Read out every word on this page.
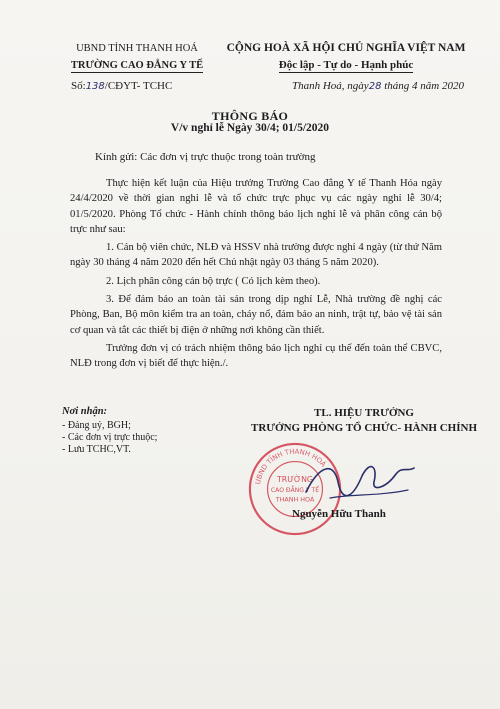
UBND TỈNH THANH HOÁ
TRƯỜNG CAO ĐẲNG Y TẾ
CỘNG HOÀ XÃ HỘI CHỦ NGHĨA VIỆT NAM
Độc lập - Tự do - Hạnh phúc
Số:138/CĐYT- TCHC	Thanh Hoá, ngày28 tháng 4 năm 2020
THÔNG BÁO
V/v nghỉ lễ Ngày 30/4; 01/5/2020
Kính gửi: Các đơn vị trực thuộc trong toàn trường

Thực hiện kết luận của Hiệu trưởng Trường Cao đẳng Y tế Thanh Hóa ngày 24/4/2020 về thời gian nghỉ lễ và tổ chức trực phục vụ các ngày nghỉ lễ 30/4; 01/5/2020. Phòng Tổ chức - Hành chính thông báo lịch nghỉ lễ và phân công cán bộ trực như sau:

1. Cán bộ viên chức, NLĐ và HSSV nhà trường được nghỉ 4 ngày (từ thứ Năm ngày 30 tháng 4 năm 2020 đến hết Chủ nhật ngày 03 tháng 5 năm 2020).

2. Lịch phân công cán bộ trực ( Có lịch kèm theo).

3. Để đảm bảo an toàn tài sản trong dịp nghỉ Lễ, Nhà trường đề nghị các Phòng, Ban, Bộ môn kiểm tra an toàn, cháy nổ, đảm bảo an ninh, trật tự, bảo vệ tài sản cơ quan và tắt các thiết bị điện ở những nơi không cần thiết.

Trưởng đơn vị có trách nhiệm thông báo lịch nghỉ cụ thể đến toàn thể CBVC, NLĐ trong đơn vị biết để thực hiện./.

Nơi nhận:
- Đảng uỷ, BGH;
- Các đơn vị trực thuộc;
- Lưu TCHC,VT.
TL. HIỆU TRƯỞNG
TRƯỞNG PHÒNG TỔ CHỨC- HÀNH CHÍNH
UBND TỈNH THANH HOÁ
TRƯỜNG
CAO ĐẲNG Y TẾ
THANH HOÁ
Nguyễn Hữu Thanh
